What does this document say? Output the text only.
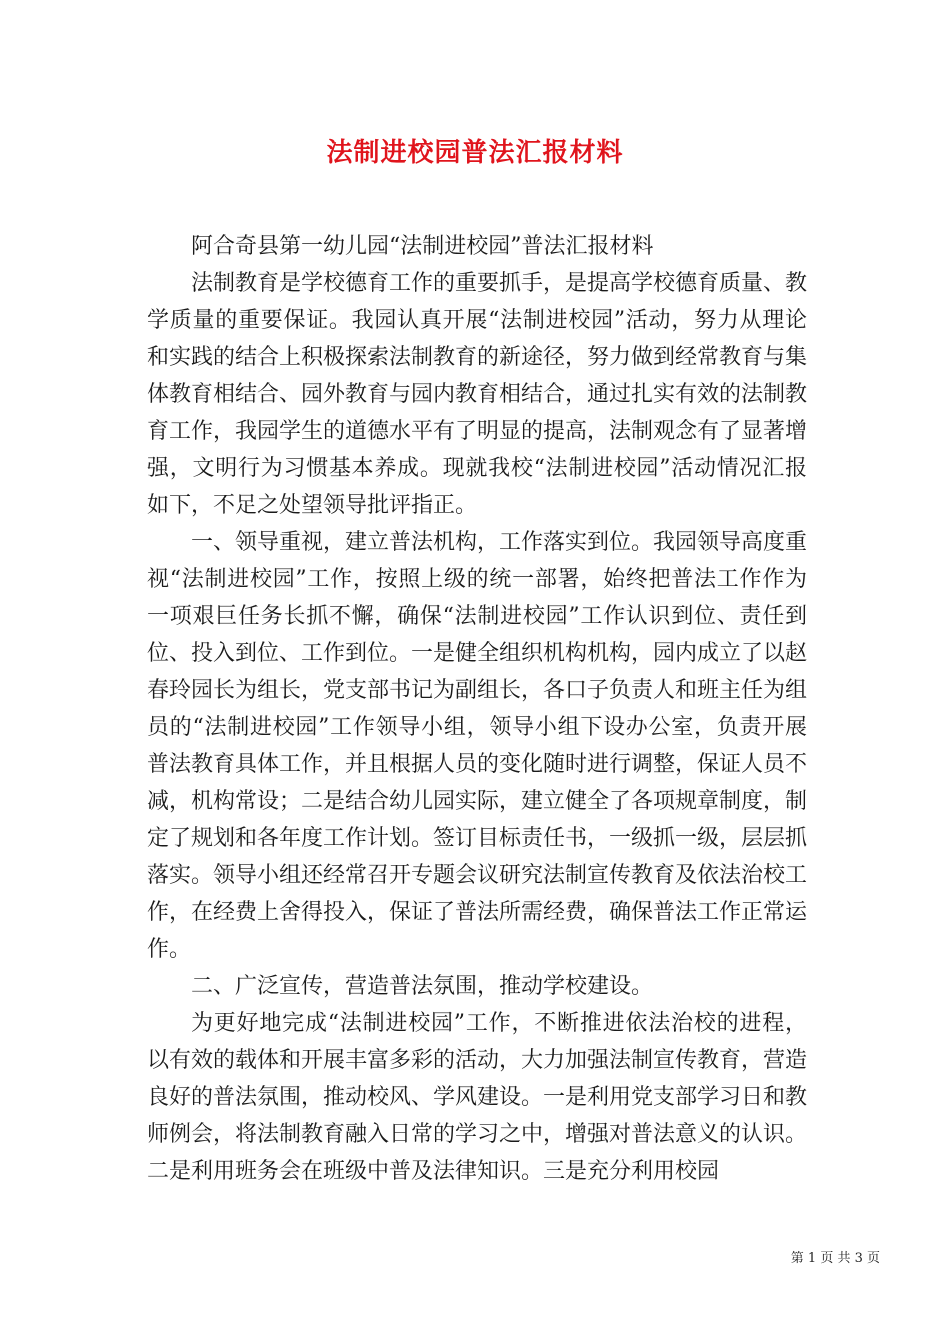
法制进校园普法汇报材料

阿合奇县第一幼儿园“法制进校园”普法汇报材料

法制教育是学校德育工作的重要抓手，是提高学校德育质量、教学质量的重要保证。我园认真开展“法制进校园”活动，努力从理论和实践的结合上积极探索法制教育的新途径，努力做到经常教育与集体教育相结合、园外教育与园内教育相结合，通过扎实有效的法制教育工作，我园学生的道德水平有了明显的提高，法制观念有了显著增强，文明行为习惯基本养成。现就我校“法制进校园”活动情况汇报如下，不足之处望领导批评指正。

一、领导重视，建立普法机构，工作落实到位。我园领导高度重视“法制进校园”工作，按照上级的统一部署，始终把普法工作作为一项艰巨任务长抓不懈，确保“法制进校园”工作认识到位、责任到位、投入到位、工作到位。一是健全组织机构机构，园内成立了以赵春玲园长为组长，党支部书记为副组长，各口子负责人和班主任为组员的“法制进校园”工作领导小组，领导小组下设办公室，负责开展普法教育具体工作，并且根据人员的变化随时进行调整，保证人员不减，机构常设；二是结合幼儿园实际，建立健全了各项规章制度，制定了规划和各年度工作计划。签订目标责任书，一级抓一级，层层抓落实。领导小组还经常召开专题会议研究法制宣传教育及依法治校工作，在经费上舍得投入，保证了普法所需经费，确保普法工作正常运作。

二、广泛宣传，营造普法氛围，推动学校建设。

为更好地完成“法制进校园”工作，不断推进依法治校的进程，以有效的载体和开展丰富多彩的活动，大力加强法制宣传教育，营造良好的普法氛围，推动校风、学风建设。一是利用党支部学习日和教师例会，将法制教育融入日常的学习之中，增强对普法意义的认识。二是利用班务会在班级中普及法律知识。三是充分利用校园

第 1 页 共 3 页
